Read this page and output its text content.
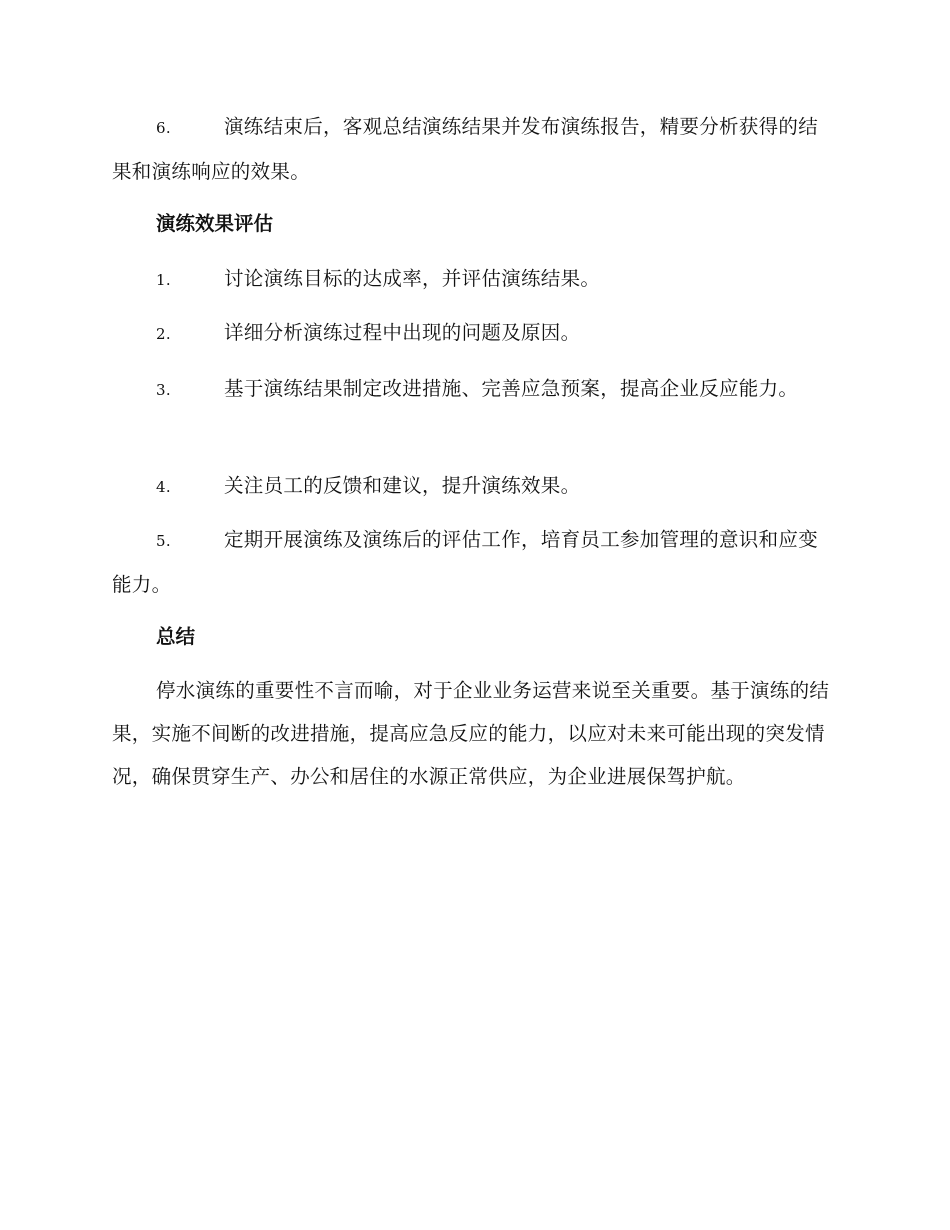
6.	演练结束后，客观总结演练结果并发布演练报告，精要分析获得的结果和演练响应的效果。
演练效果评估
1.	讨论演练目标的达成率，并评估演练结果。
2.	详细分析演练过程中出现的问题及原因。
3.	基于演练结果制定改进措施、完善应急预案，提高企业反应能力。
4.	关注员工的反馈和建议，提升演练效果。
5.	定期开展演练及演练后的评估工作，培育员工参加管理的意识和应变能力。
总结
停水演练的重要性不言而喻，对于企业业务运营来说至关重要。基于演练的结果，实施不间断的改进措施，提高应急反应的能力，以应对未来可能出现的突发情况，确保贯穿生产、办公和居住的水源正常供应，为企业进展保驾护航。
